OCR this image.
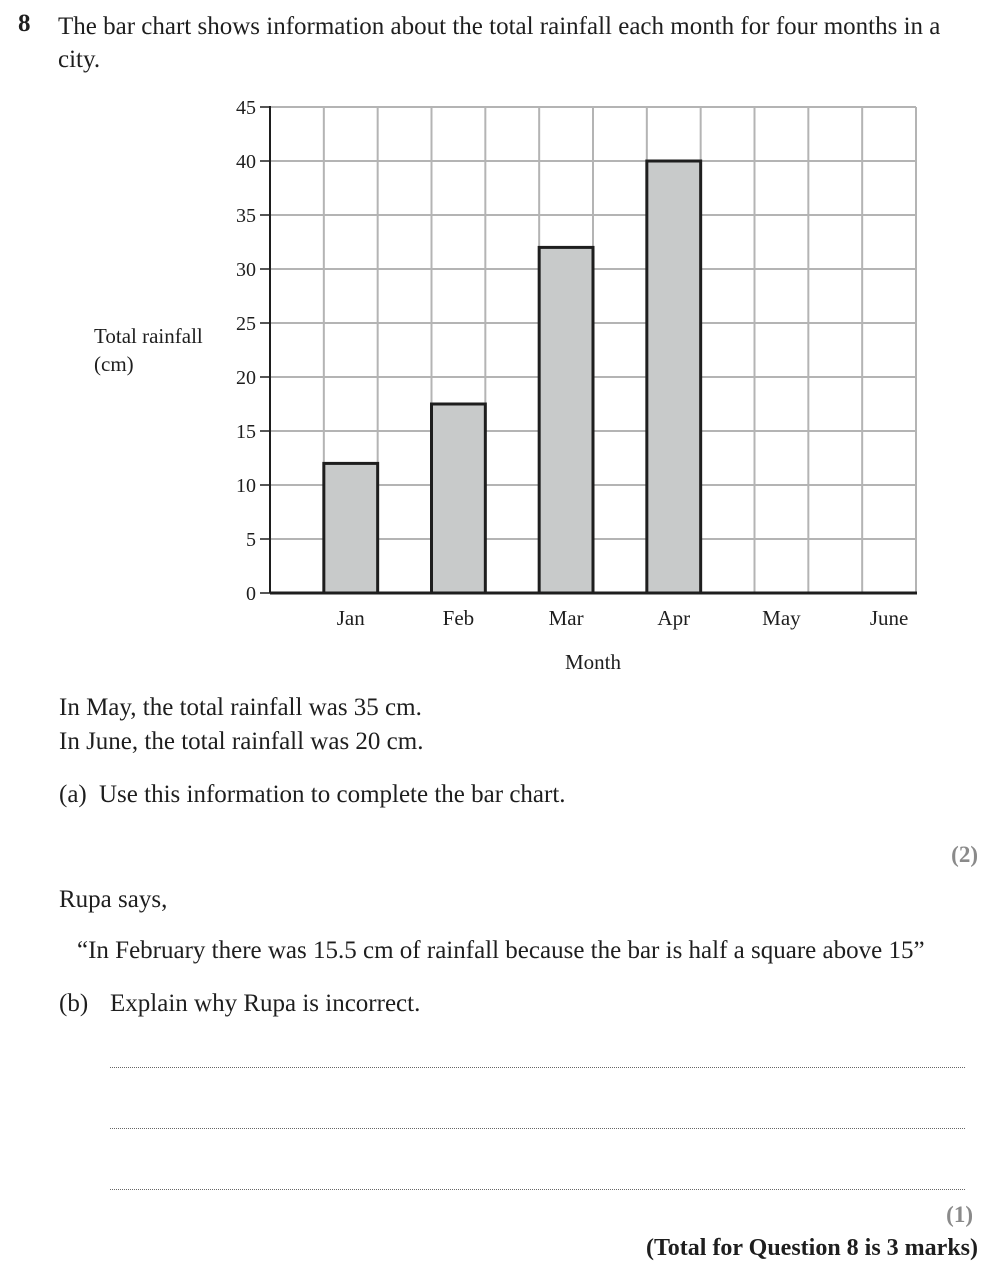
8 The bar chart shows information about the total rainfall each month for four months in a city.
Total rainfall
(cm)
0
5
10
15
20
25
30
35
40
45
Jan	Feb	Mar	Apr	May	June
Month
In May, the total rainfall was 35 cm.
In June, the total rainfall was 20 cm.
(a) Use this information to complete the bar chart.
(2)
Rupa says,
“In February there was 15.5 cm of rainfall because the bar is half a square above 15”
(b) Explain why Rupa is incorrect.
(1)
(Total for Question 8 is 3 marks)
